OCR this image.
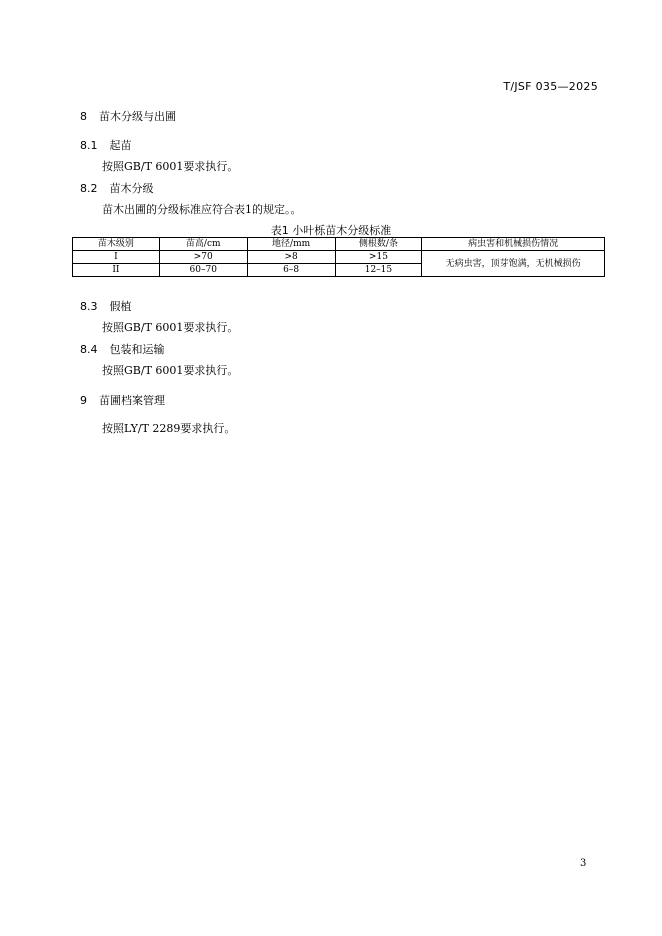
T/JSF 035—2025
8 苗木分级与出圃
8.1 起苗
按照GB/T 6001要求执行。
8.2 苗木分级
苗木出圃的分级标准应符合表1的规定。。
表1 小叶栎苗木分级标准
苗木级别	苗高/cm	地径/mm	侧根数/条	病虫害和机械损伤情况
I	>70	>8	>15	无病虫害，顶芽饱满，无机械损伤
II	60–70	6–8	12–15	
8.3 假植
按照GB/T 6001要求执行。
8.4 包装和运输
按照GB/T 6001要求执行。
9 苗圃档案管理
按照LY/T 2289要求执行。
3
